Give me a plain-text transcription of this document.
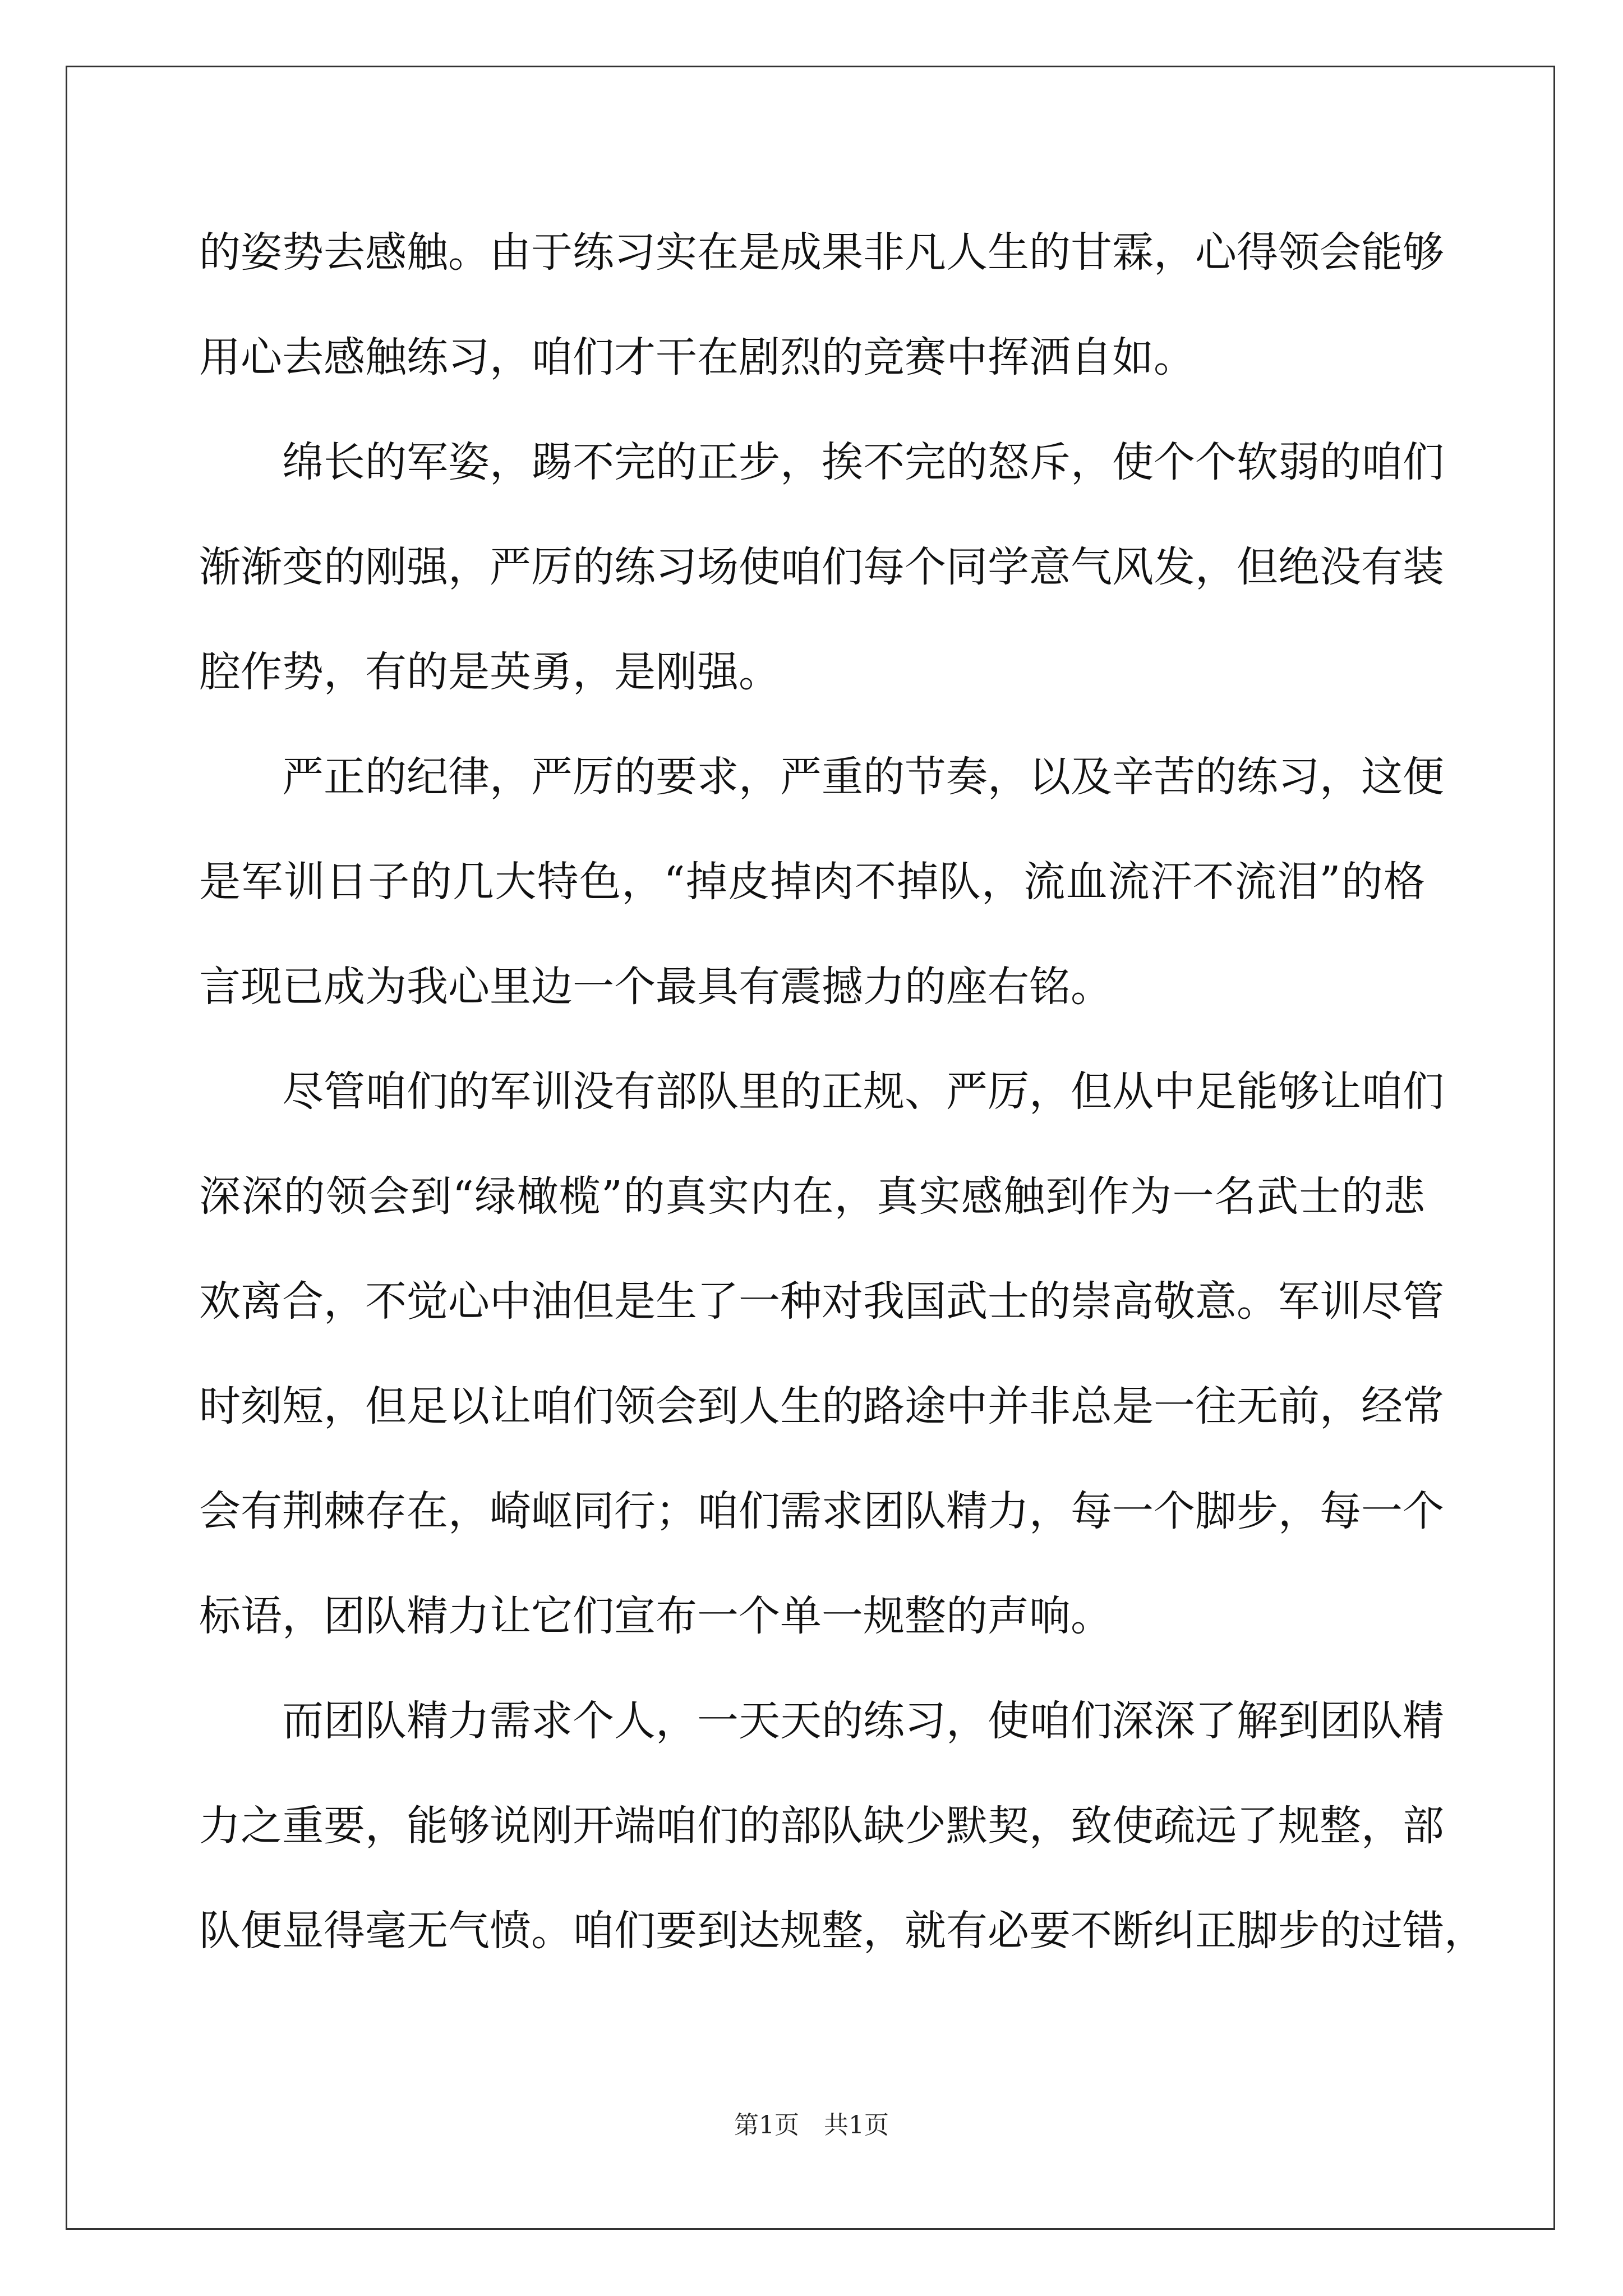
的姿势去感触。由于练习实在是成果非凡人生的甘霖，心得领会能够
用心去感触练习，咱们才干在剧烈的竞赛中挥洒自如。
绵长的军姿，踢不完的正步，挨不完的怒斥，使个个软弱的咱们
渐渐变的刚强，严厉的练习场使咱们每个同学意气风发，但绝没有装
腔作势，有的是英勇，是刚强。
严正的纪律，严厉的要求，严重的节奏，以及辛苦的练习，这便
是军训日子的几大特色，“掉皮掉肉不掉队，流血流汗不流泪”的格
言现已成为我心里边一个最具有震撼力的座右铭。
尽管咱们的军训没有部队里的正规、严厉，但从中足能够让咱们
深深的领会到“绿橄榄”的真实内在，真实感触到作为一名武士的悲
欢离合，不觉心中油但是生了一种对我国武士的崇高敬意。军训尽管
时刻短，但足以让咱们领会到人生的路途中并非总是一往无前，经常
会有荆棘存在，崎岖同行；咱们需求团队精力，每一个脚步，每一个
标语，团队精力让它们宣布一个单一规整的声响。
而团队精力需求个人，一天天的练习，使咱们深深了解到团队精
力之重要，能够说刚开端咱们的部队缺少默契，致使疏远了规整，部
队便显得毫无气愤。咱们要到达规整，就有必要不断纠正脚步的过错，
第1页　共1页
